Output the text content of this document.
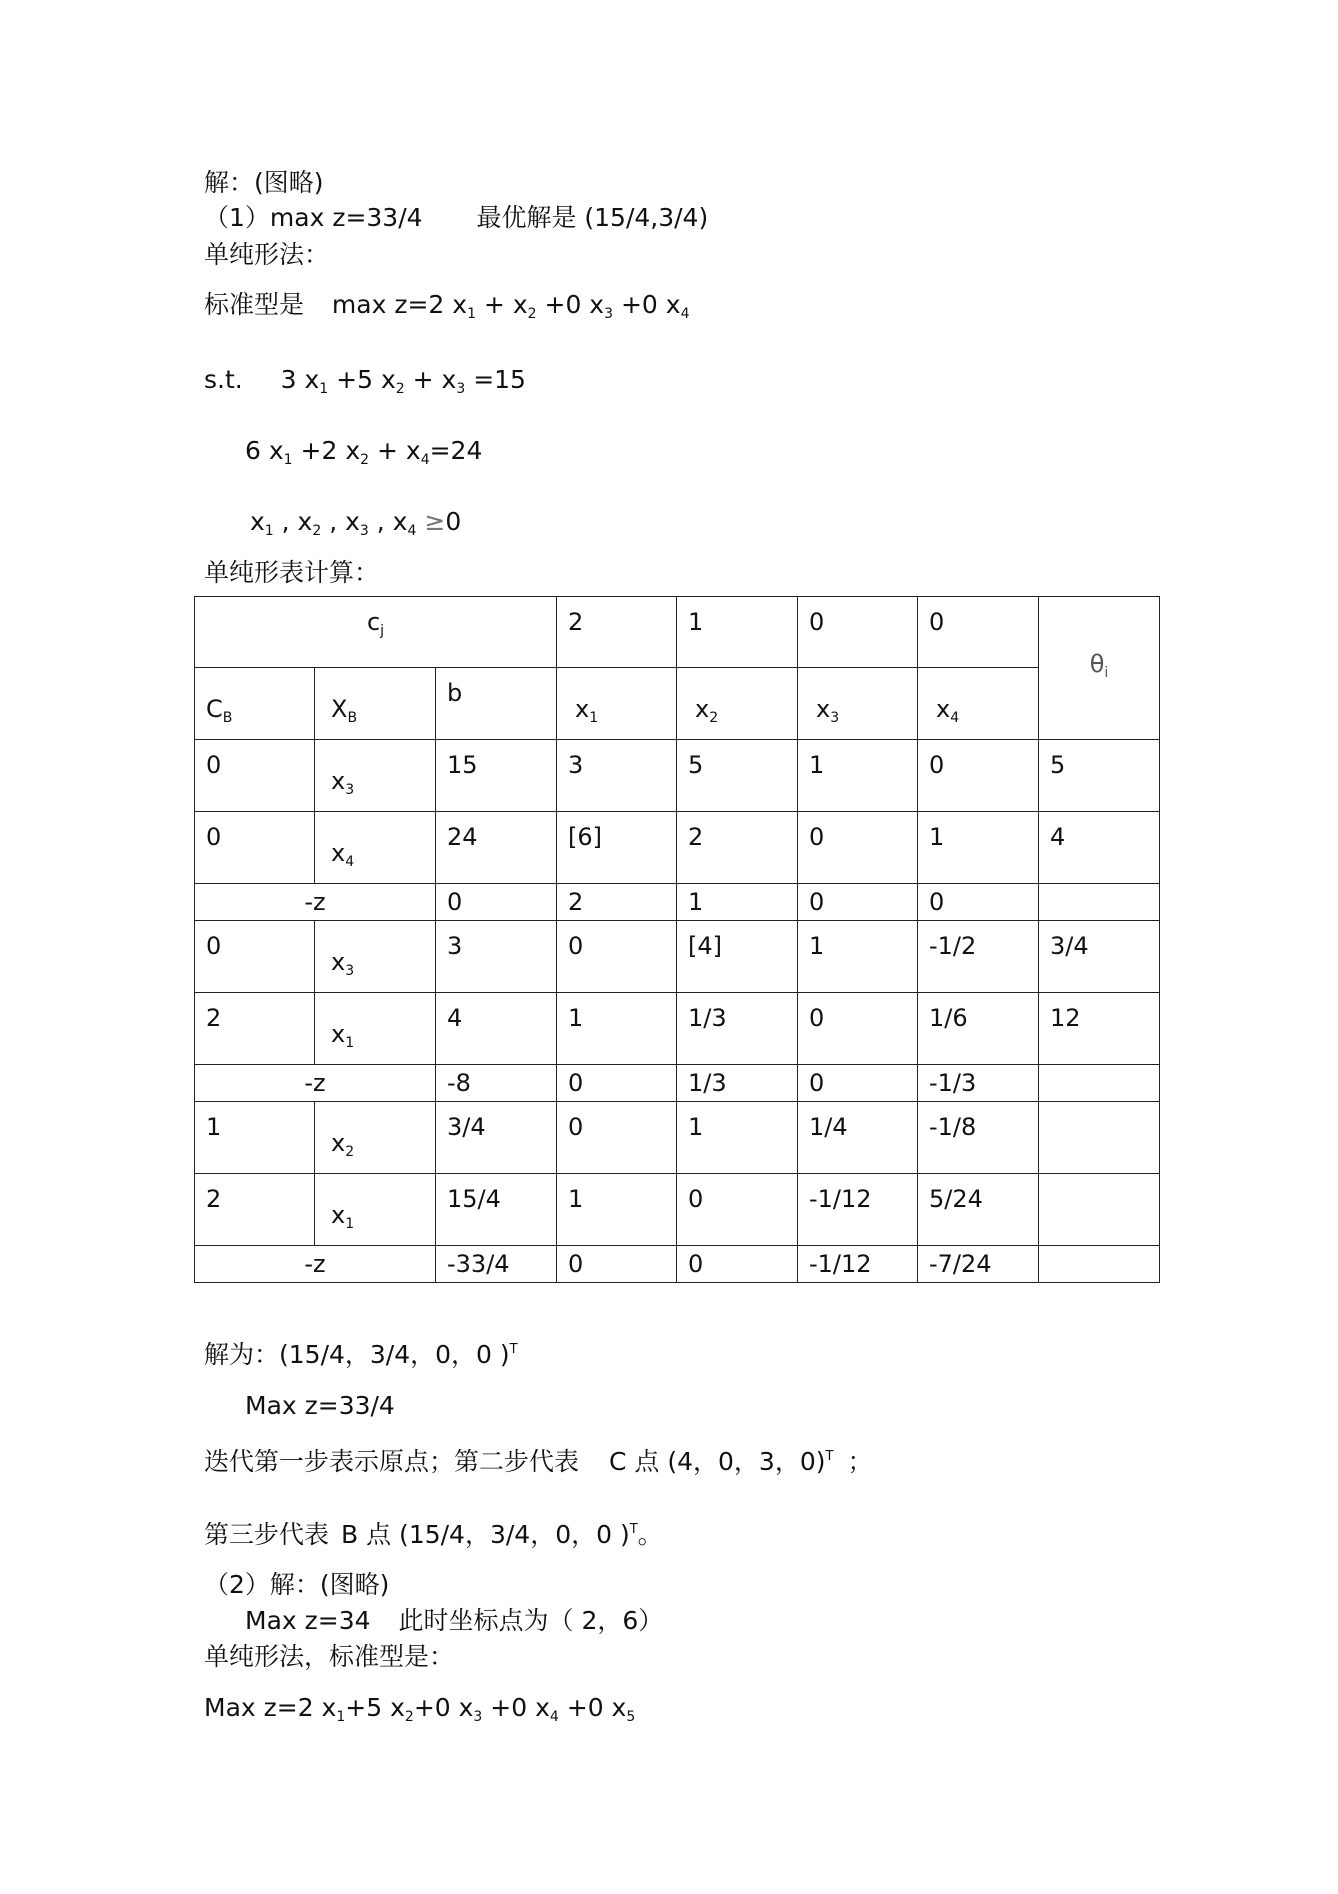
解：(图略)
（1）max z=33/4 最优解是 (15/4,3/4)
单纯形法：
标准型是 max z=2 $x_1 + x_2 +0$ $x_3 +0$ $x_4$
s.t. 3 $x_1 +5$ $x_2 + x_3 =15$
6 $x_1 +2$ $x_2 + x_4=24$
$x_1$ , $x_2$ , $x_3$ , $x_4 \ge 0$
单纯形表计算：
$c_j$			2	1	0	0	$\theta_i$
$C_B$	$X_B$	b	$x_1$	$x_2$	$x_3$	$x_4$
0	$x_3$	15	3	5	1	0	5
0	$x_4$	24	[6]	2	0	1	4
-z		0	2	1	0	0	
0	$x_3$	3	0	[4]	1	-1/2	3/4
2	$x_1$	4	1	1/3	0	1/6	12
-z		-8	0	1/3	0	-1/3	
1	$x_2$	3/4	0	1	1/4	-1/8	
2	$x_1$	15/4	1	0	-1/12	5/24	
-z		-33/4	0	0	-1/12	-7/24	
解为：(15/4，3/4，0，0 )$^T$
Max z=33/4
迭代第一步表示原点；第二步代表 C 点 (4，0，3，0)$^T$ ；
第三步代表 B 点 (15/4，3/4，0，0 )$^T$。
（2）解：(图略)
Max z=34 此时坐标点为（ 2，6）
单纯形法，标准型是：
Max z=2 $x_1+5$ $x_2+0$ $x_3 +0$ $x_4 +0$ $x_5$
